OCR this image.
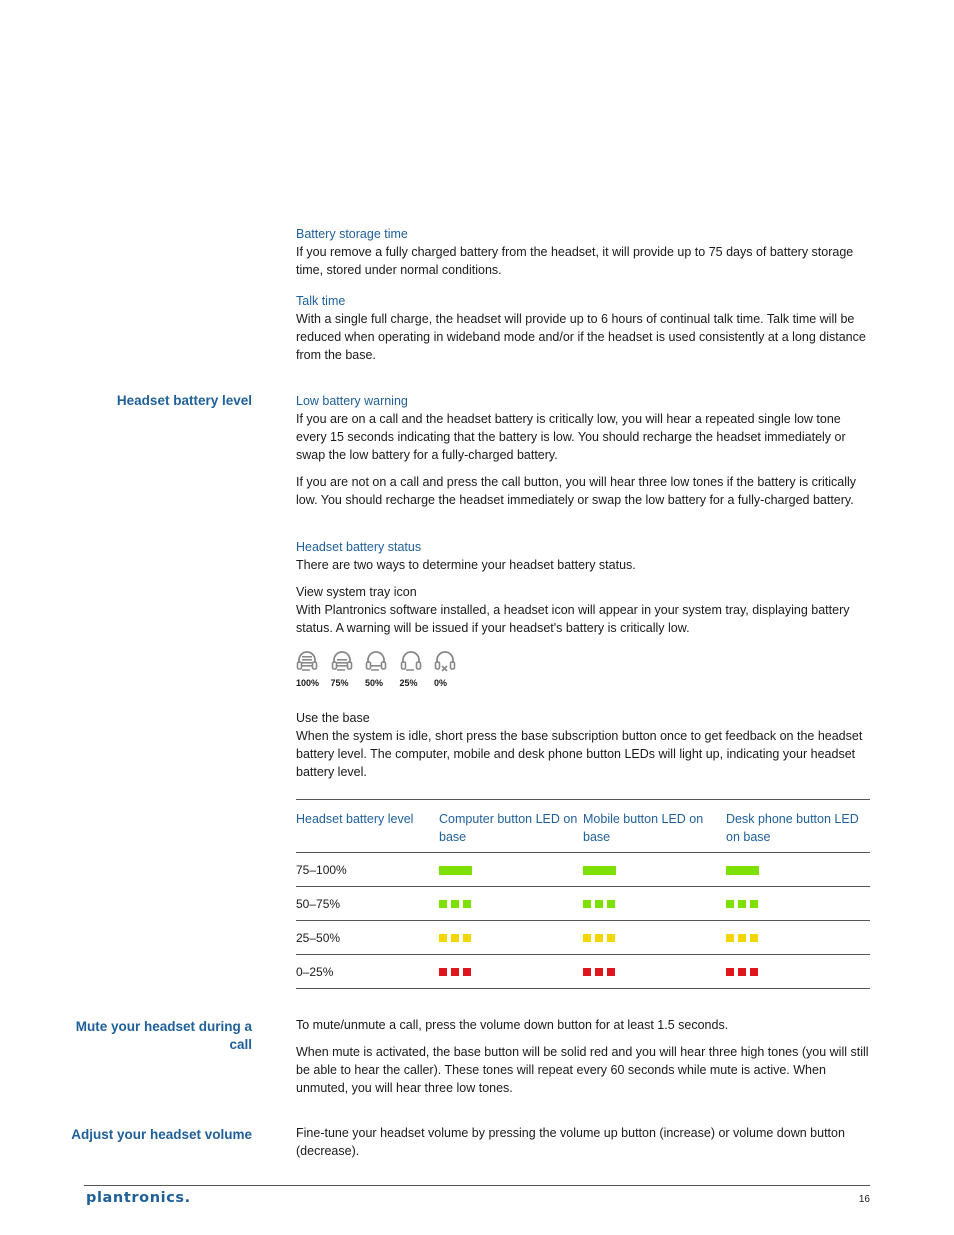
Battery storage time

If you remove a fully charged battery from the headset, it will provide up to 75 days of battery storage time, stored under normal conditions.

Talk time

With a single full charge, the headset will provide up to 6 hours of continual talk time. Talk time will be reduced when operating in wideband mode and/or if the headset is used consistently at a long distance from the base.

Headset battery level	Low battery warning

If you are on a call and the headset battery is critically low, you will hear a repeated single low tone every 15 seconds indicating that the battery is low. You should recharge the headset immediately or swap the low battery for a fully-charged battery.

If you are not on a call and press the call button, you will hear three low tones if the battery is critically low. You should recharge the headset immediately or swap the low battery for a fully-charged battery.

Headset battery status

There are two ways to determine your headset battery status.

View system tray icon

With Plantronics software installed, a headset icon will appear in your system tray, displaying battery status. A warning will be issued if your headset's battery is critically low.

100% 75% 50% 25% 0%

Use the base

When the system is idle, short press the base subscription button once to get feedback on the headset battery level. The computer, mobile and desk phone button LEDs will light up, indicating your headset battery level.

Headset battery level	Computer button LED on base	Mobile button LED on base	Desk phone button LED on base
75–100%			
50–75%	

25–50%	

0–25%	

Mute your headset during a call

To mute/unmute a call, press the volume down button for at least 1.5 seconds.

When mute is activated, the base button will be solid red and you will hear three high tones (you will still be able to hear the caller). These tones will repeat every 60 seconds while mute is active. When unmuted, you will hear three low tones.

Adjust your headset volume	Fine-tune your headset volume by pressing the volume up button (increase) or volume down button (decrease).

plantronics.	16
